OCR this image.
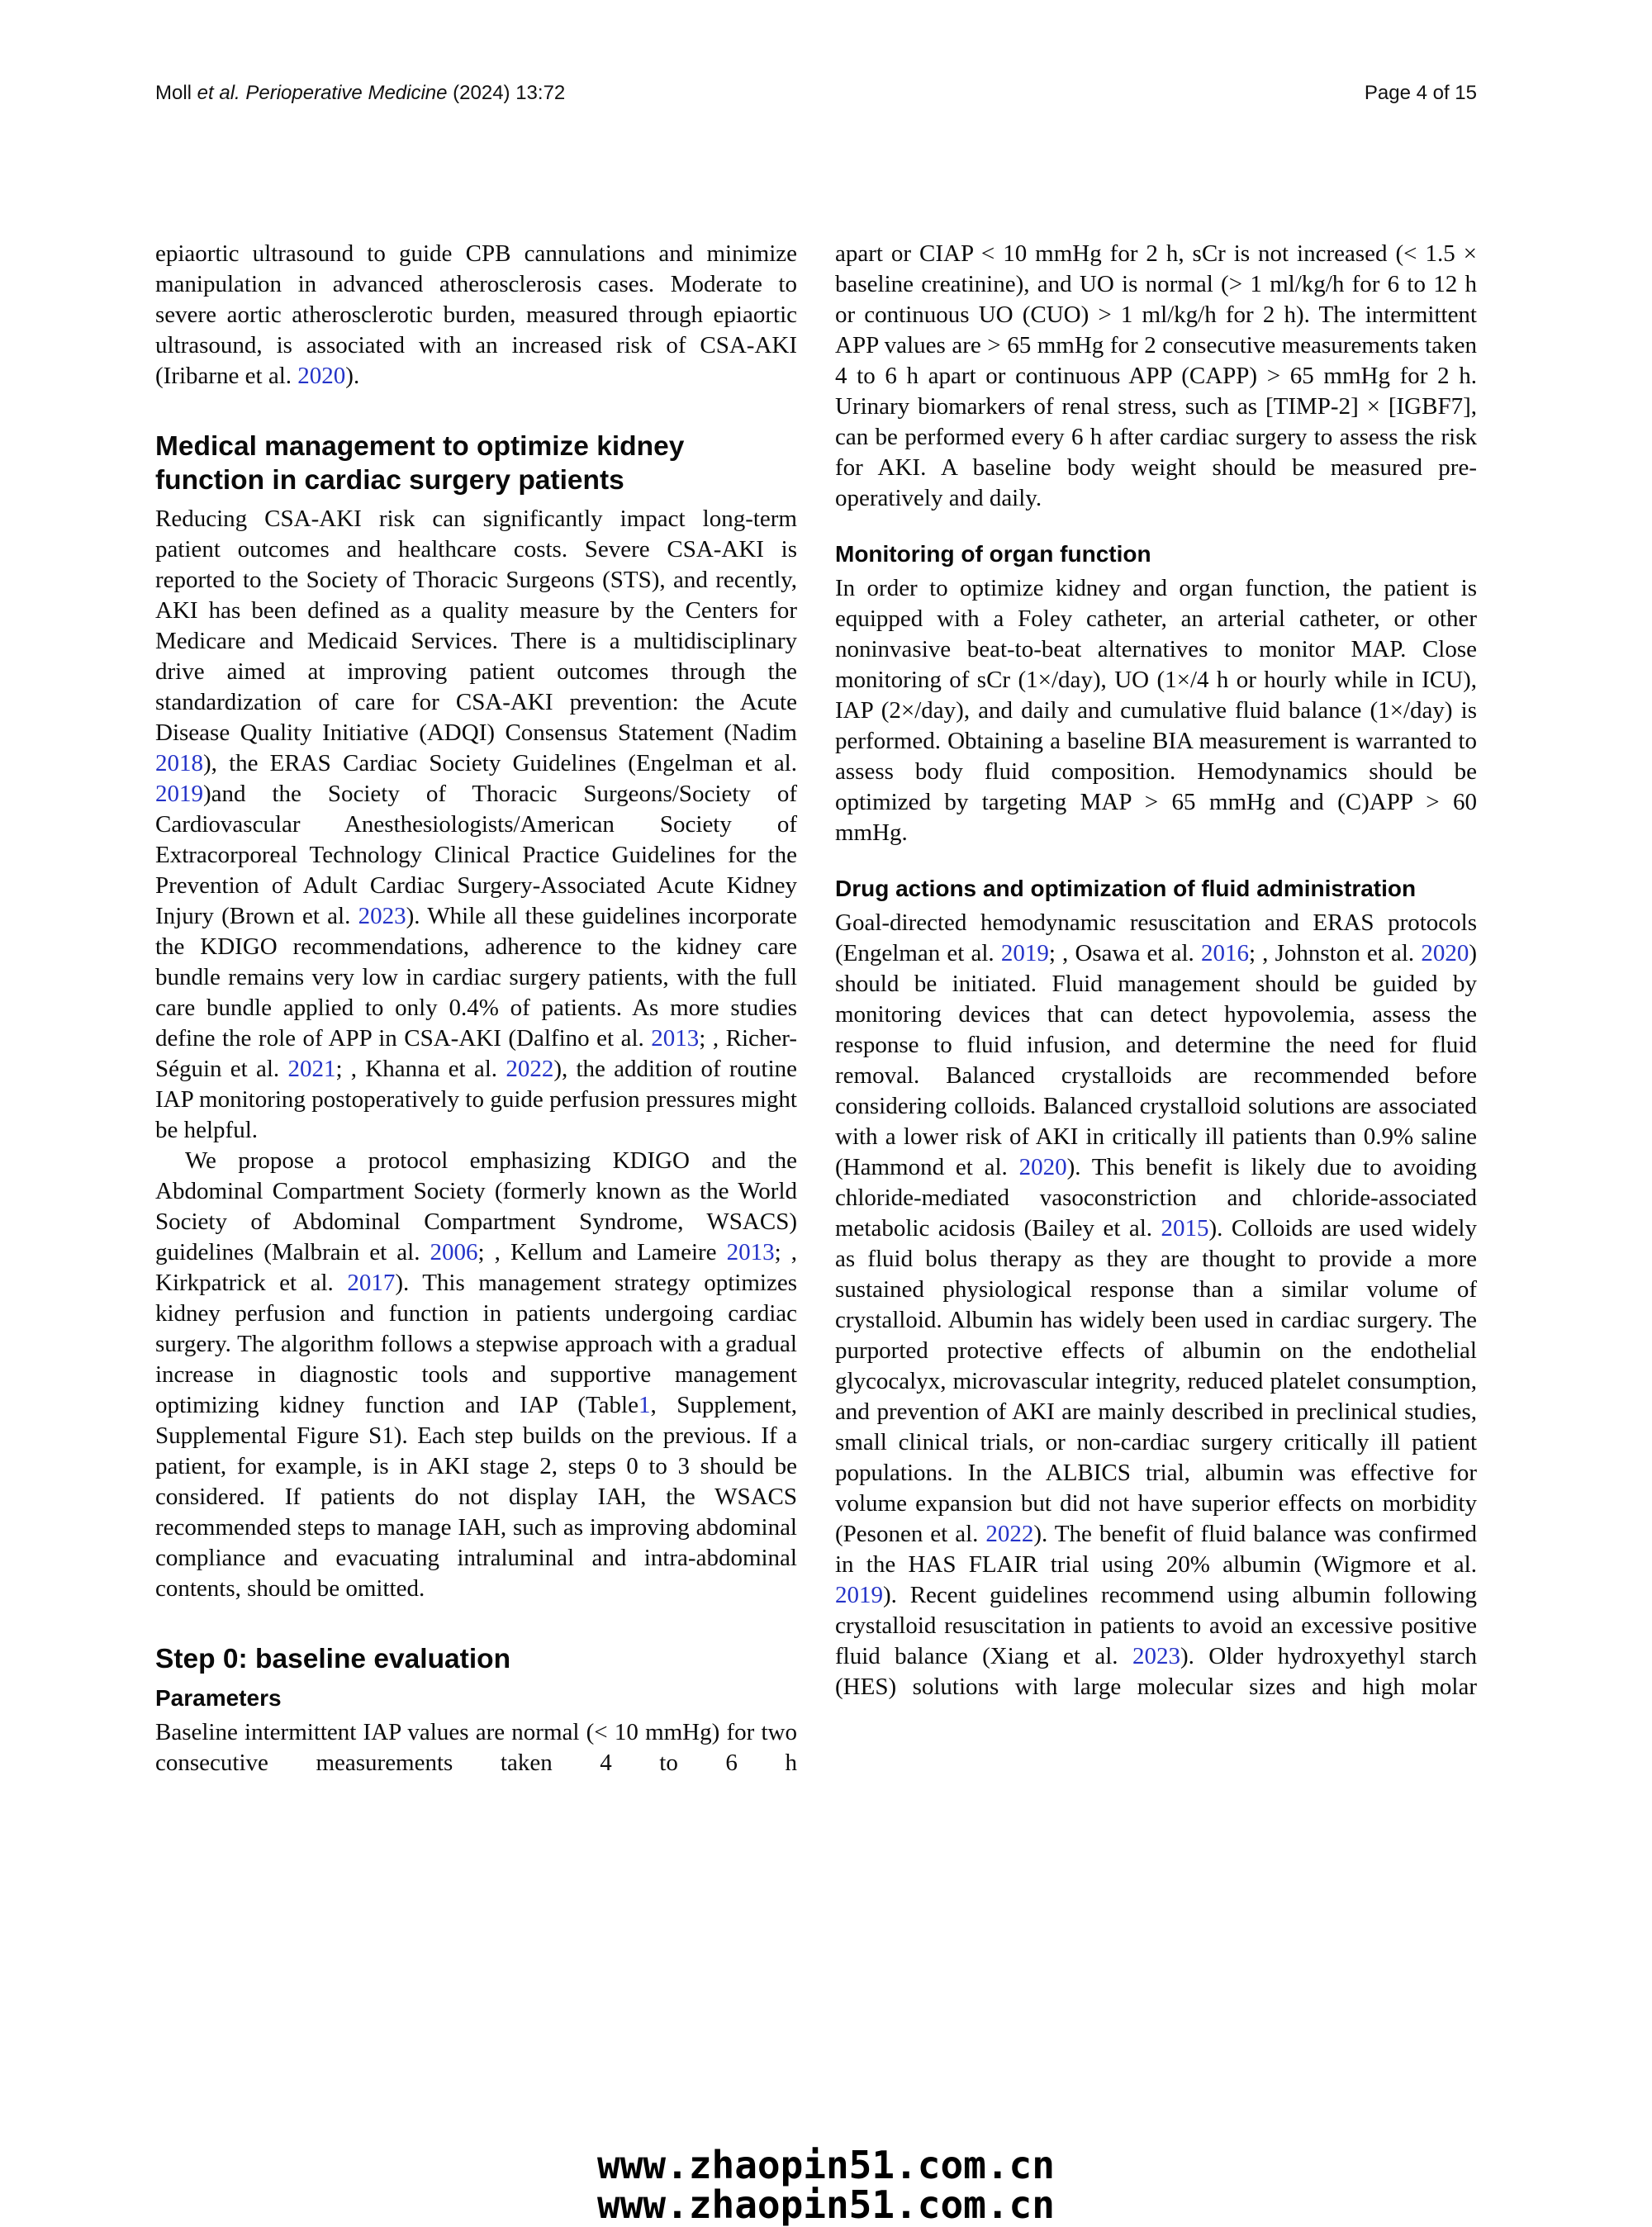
Moll et al. Perioperative Medicine (2024) 13:72	Page 4 of 15

epiaortic ultrasound to guide CPB cannulations and minimize manipulation in advanced atherosclerosis cases. Moderate to severe aortic atherosclerotic burden, measured through epiaortic ultrasound, is associated with an increased risk of CSA-AKI (Iribarne et al. 2020).

Medical management to optimize kidney function in cardiac surgery patients

Reducing CSA-AKI risk can significantly impact long-term patient outcomes and healthcare costs. Severe CSA-AKI is reported to the Society of Thoracic Surgeons (STS), and recently, AKI has been defined as a quality measure by the Centers for Medicare and Medicaid Services. There is a multidisciplinary drive aimed at improving patient outcomes through the standardization of care for CSA-AKI prevention: the Acute Disease Quality Initiative (ADQI) Consensus Statement (Nadim 2018), the ERAS Cardiac Society Guidelines (Engelman et al. 2019)and the Society of Thoracic Surgeons/Society of Cardiovascular Anesthesiologists/American Society of Extracorporeal Technology Clinical Practice Guidelines for the Prevention of Adult Cardiac Surgery-Associated Acute Kidney Injury (Brown et al. 2023). While all these guidelines incorporate the KDIGO recommendations, adherence to the kidney care bundle remains very low in cardiac surgery patients, with the full care bundle applied to only 0.4% of patients. As more studies define the role of APP in CSA-AKI (Dalfino et al. 2013; , Richer-Séguin et al. 2021; , Khanna et al. 2022), the addition of routine IAP monitoring postoperatively to guide perfusion pressures might be helpful.

We propose a protocol emphasizing KDIGO and the Abdominal Compartment Society (formerly known as the World Society of Abdominal Compartment Syndrome, WSACS) guidelines (Malbrain et al. 2006; , Kellum and Lameire 2013; , Kirkpatrick et al. 2017). This management strategy optimizes kidney perfusion and function in patients undergoing cardiac surgery. The algorithm follows a stepwise approach with a gradual increase in diagnostic tools and supportive management optimizing kidney function and IAP (Table1, Supplement, Supplemental Figure S1). Each step builds on the previous. If a patient, for example, is in AKI stage 2, steps 0 to 3 should be considered. If patients do not display IAH, the WSACS recommended steps to manage IAH, such as improving abdominal compliance and evacuating intraluminal and intra-abdominal contents, should be omitted.

Step 0: baseline evaluation
Parameters

Baseline intermittent IAP values are normal (< 10 mmHg) for two consecutive measurements taken 4 to 6 h

apart or CIAP < 10 mmHg for 2 h, sCr is not increased (< 1.5 × baseline creatinine), and UO is normal (> 1 ml/kg/h for 6 to 12 h or continuous UO (CUO) > 1 ml/kg/h for 2 h). The intermittent APP values are > 65 mmHg for 2 consecutive measurements taken 4 to 6 h apart or continuous APP (CAPP) > 65 mmHg for 2 h. Urinary biomarkers of renal stress, such as [TIMP-2] × [IGBF7], can be performed every 6 h after cardiac surgery to assess the risk for AKI. A baseline body weight should be measured pre-operatively and daily.

Monitoring of organ function

In order to optimize kidney and organ function, the patient is equipped with a Foley catheter, an arterial catheter, or other noninvasive beat-to-beat alternatives to monitor MAP. Close monitoring of sCr (1×/day), UO (1×/4 h or hourly while in ICU), IAP (2×/day), and daily and cumulative fluid balance (1×/day) is performed. Obtaining a baseline BIA measurement is warranted to assess body fluid composition. Hemodynamics should be optimized by targeting MAP > 65 mmHg and (C)APP > 60 mmHg.

Drug actions and optimization of fluid administration

Goal-directed hemodynamic resuscitation and ERAS protocols (Engelman et al. 2019; , Osawa et al. 2016; , Johnston et al. 2020) should be initiated. Fluid management should be guided by monitoring devices that can detect hypovolemia, assess the response to fluid infusion, and determine the need for fluid removal. Balanced crystalloids are recommended before considering colloids. Balanced crystalloid solutions are associated with a lower risk of AKI in critically ill patients than 0.9% saline (Hammond et al. 2020). This benefit is likely due to avoiding chloride-mediated vasoconstriction and chloride-associated metabolic acidosis (Bailey et al. 2015). Colloids are used widely as fluid bolus therapy as they are thought to provide a more sustained physiological response than a similar volume of crystalloid. Albumin has widely been used in cardiac surgery. The purported protective effects of albumin on the endothelial glycocalyx, microvascular integrity, reduced platelet consumption, and prevention of AKI are mainly described in preclinical studies, small clinical trials, or non-cardiac surgery critically ill patient populations. In the ALBICS trial, albumin was effective for volume expansion but did not have superior effects on morbidity (Pesonen et al. 2022). The benefit of fluid balance was confirmed in the HAS FLAIR trial using 20% albumin (Wigmore et al. 2019). Recent guidelines recommend using albumin following crystalloid resuscitation in patients to avoid an excessive positive fluid balance (Xiang et al. 2023). Older hydroxyethyl starch (HES) solutions with large molecular sizes and high molar

www.zhaopin51.com.cn
www.zhaopin51.com.cn
